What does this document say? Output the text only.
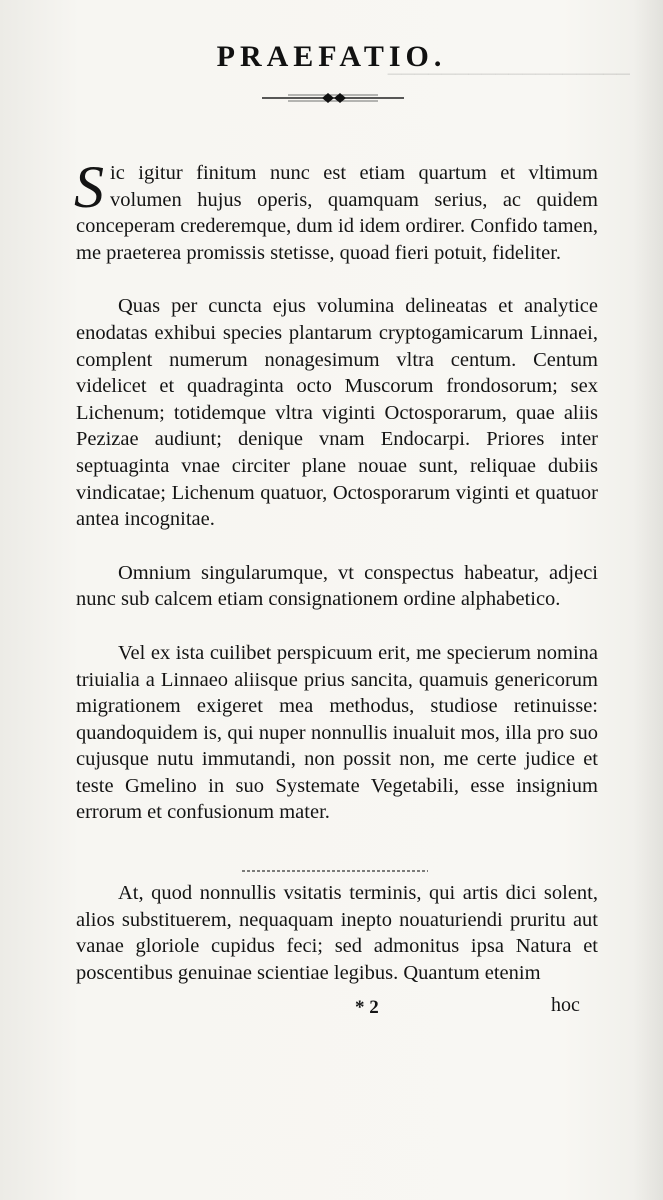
──────────────────
PRAEFATIO.

Sic igitur finitum nunc est etiam quartum et vltimum volumen hujus operis, quamquam serius, ac quidem conceperam crederemque, dum id idem ordirer. Confido tamen, me praeterea promissis stetisse, quoad fieri potuit, fideliter.

Quas per cuncta ejus volumina delineatas et analytice enodatas exhibui species plantarum cryptogamicarum Linnaei, complent numerum nonagesimum vltra centum. Centum videlicet et quadraginta octo Muscorum frondosorum; sex Lichenum; totidemque vltra viginti Octosporarum, quae aliis Pezizae audiunt; denique vnam Endocarpi. Priores inter septuaginta vnae circiter plane nouae sunt, reliquae dubiis vindicatae; Lichenum quatuor, Octosporarum viginti et quatuor antea incognitae.

Omnium singularumque, vt conspectus habeatur, adjeci nunc sub calcem etiam consignationem ordine alphabetico.

Vel ex ista cuilibet perspicuum erit, me specierum nomina triuialia a Linnaeo aliisque prius sancita, quamuis genericorum migrationem exigeret mea methodus, studiose retinuisse: quandoquidem is, qui nuper nonnullis inualuit mos, illa pro suo cujusque nutu immutandi, non possit non, me certe judice et teste Gmelino in suo Systemate Vegetabili, esse insignium errorum et confusionum mater.

At, quod nonnullis vsitatis terminis, qui artis dici solent, alios substituerem, nequaquam inepto nouaturiendi pruritu aut vanae gloriole cupidus feci; sed admonitus ipsa Natura et poscentibus genuinae scientiae legibus. Quantum etenim

* 2	hoc
